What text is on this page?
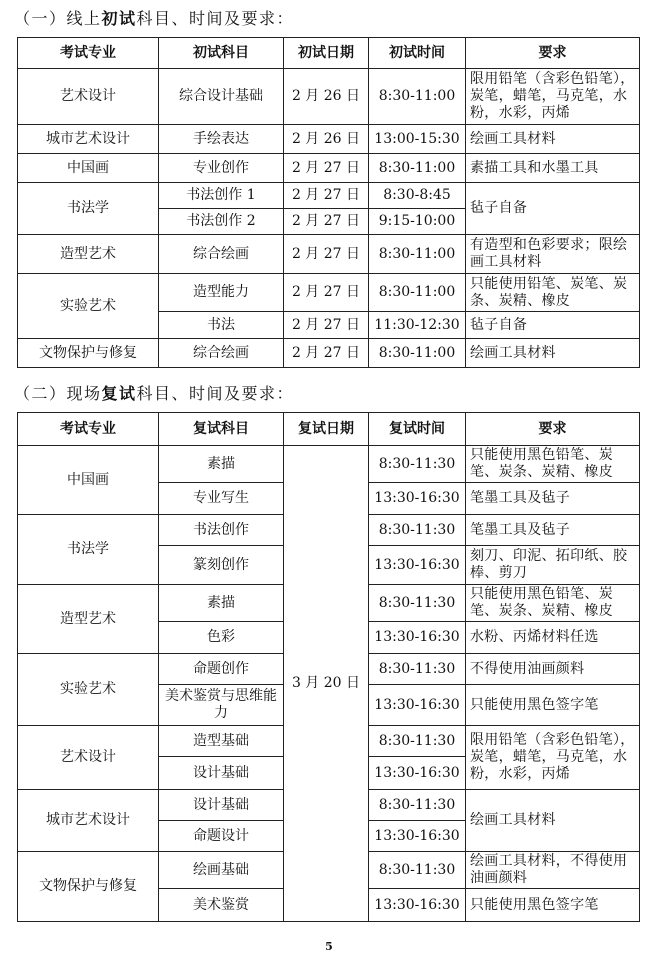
（一）线上初试科目、时间及要求：
考试专业	初试科目	初试日期	初试时间	要求
艺术设计	综合设计基础	2 月 26 日	8:30-11:00	限用铅笔（含彩色铅笔），炭笔，蜡笔，马克笔，水粉，水彩，丙烯
城市艺术设计	手绘表达	2 月 26 日	13:00-15:30	绘画工具材料
中国画	专业创作	2 月 27 日	8:30-11:00	素描工具和水墨工具
书法学	书法创作 1	2 月 27 日	8:30-8:45	毡子自备
	书法创作 2	2 月 27 日	9:15-10:00	
造型艺术	综合绘画	2 月 27 日	8:30-11:00	有造型和色彩要求；限绘画工具材料
实验艺术	造型能力	2 月 27 日	8:30-11:00	只能使用铅笔、炭笔、炭条、炭精、橡皮
	书法	2 月 27 日	11:30-12:30	毡子自备
文物保护与修复	综合绘画	2 月 27 日	8:30-11:00	绘画工具材料
（二）现场复试科目、时间及要求：
考试专业	复试科目	复试日期	复试时间	要求
中国画	素描	3 月 20 日	8:30-11:30	只能使用黑色铅笔、炭笔、炭条、炭精、橡皮
	专业写生		13:30-16:30	笔墨工具及毡子
书法学	书法创作		8:30-11:30	笔墨工具及毡子
	篆刻创作		13:30-16:30	刻刀、印泥、拓印纸、胶棒、剪刀
造型艺术	素描		8:30-11:30	只能使用黑色铅笔、炭笔、炭条、炭精、橡皮
	色彩		13:30-16:30	水粉、丙烯材料任选
实验艺术	命题创作		8:30-11:30	不得使用油画颜料
	美术鉴赏与思维能力		13:30-16:30	只能使用黑色签字笔
艺术设计	造型基础		8:30-11:30	限用铅笔（含彩色铅笔），炭笔，蜡笔，马克笔，水粉，水彩，丙烯
	设计基础		13:30-16:30	
城市艺术设计	设计基础		8:30-11:30	绘画工具材料
	命题设计		13:30-16:30	
文物保护与修复	绘画基础		8:30-11:30	绘画工具材料，不得使用油画颜料
	美术鉴赏		13:30-16:30	只能使用黑色签字笔
5
